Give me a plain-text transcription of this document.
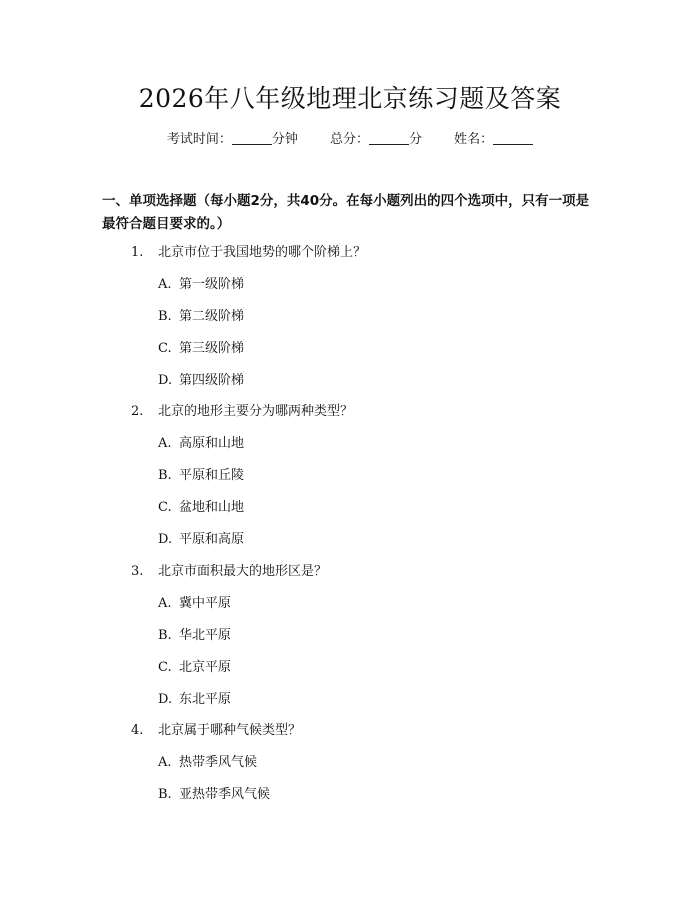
2026年八年级地理北京练习题及答案
考试时间：	分钟 总分：	分 姓名：
一、单项选择题（每小题2分，共40分。在每小题列出的四个选项中，只有一项是最符合题目要求的。）
1. 北京市位于我国地势的哪个阶梯上？
A. 第一级阶梯
B. 第二级阶梯
C. 第三级阶梯
D. 第四级阶梯
2. 北京的地形主要分为哪两种类型？
A. 高原和山地
B. 平原和丘陵
C. 盆地和山地
D. 平原和高原
3. 北京市面积最大的地形区是？
A. 冀中平原
B. 华北平原
C. 北京平原
D. 东北平原
4. 北京属于哪种气候类型？
A. 热带季风气候
B. 亚热带季风气候
